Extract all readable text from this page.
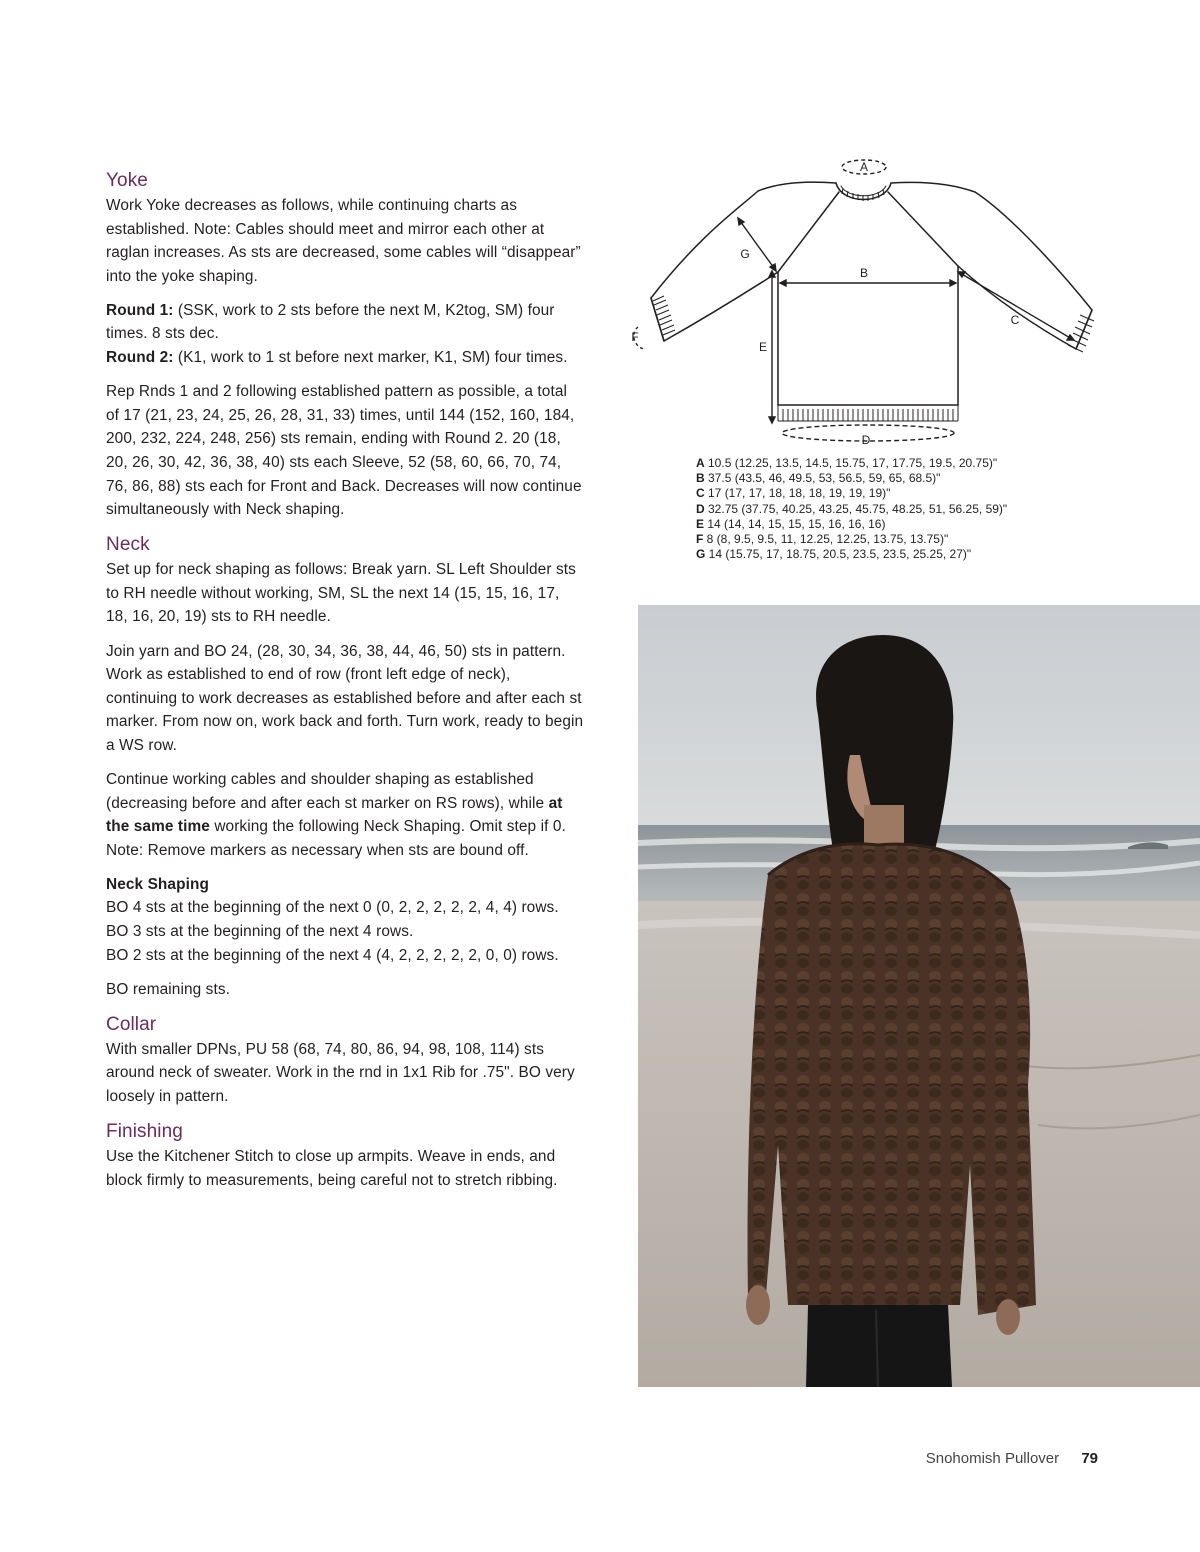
Yoke

Work Yoke decreases as follows, while continuing charts as established. Note: Cables should meet and mirror each other at raglan increases. As sts are decreased, some cables will “disappear” into the yoke shaping.

Round 1: (SSK, work to 2 sts before the next M, K2tog, SM) four times. 8 sts dec.
Round 2: (K1, work to 1 st before next marker, K1, SM) four times.

Rep Rnds 1 and 2 following established pattern as possible, a total of 17 (21, 23, 24, 25, 26, 28, 31, 33) times, until 144 (152, 160, 184, 200, 232, 224, 248, 256) sts remain, ending with Round 2. 20 (18, 20, 26, 30, 42, 36, 38, 40) sts each Sleeve, 52 (58, 60, 66, 70, 74, 76, 86, 88) sts each for Front and Back. Decreases will now continue simultaneously with Neck shaping.

Neck

Set up for neck shaping as follows: Break yarn. SL Left Shoulder sts to RH needle without working, SM, SL the next 14 (15, 15, 16, 17, 18, 16, 20, 19) sts to RH needle.

Join yarn and BO 24, (28, 30, 34, 36, 38, 44, 46, 50) sts in pattern. Work as established to end of row (front left edge of neck), continuing to work decreases as established before and after each st marker. From now on, work back and forth. Turn work, ready to begin a WS row.

Continue working cables and shoulder shaping as established (decreasing before and after each st marker on RS rows), while at the same time working the following Neck Shaping. Omit step if 0. Note: Remove markers as necessary when sts are bound off.

Neck Shaping

BO 4 sts at the beginning of the next 0 (0, 2, 2, 2, 2, 2, 4, 4) rows.
BO 3 sts at the beginning of the next 4 rows.
BO 2 sts at the beginning of the next 4 (4, 2, 2, 2, 2, 2, 0, 0) rows.

BO remaining sts.

Collar

With smaller DPNs, PU 58 (68, 74, 80, 86, 94, 98, 108, 114) sts around neck of sweater. Work in the rnd in 1x1 Rib for .75". BO very loosely in pattern.

Finishing

Use the Kitchener Stitch to close up armpits. Weave in ends, and block firmly to measurements, being careful not to stretch ribbing.

A
B
C
D
E
F
G
A 10.5 (12.25, 13.5, 14.5, 15.75, 17, 17.75, 19.5, 20.75)"
B 37.5 (43.5, 46, 49.5, 53, 56.5, 59, 65, 68.5)"
C 17 (17, 17, 18, 18, 18, 19, 19, 19)"
D 32.75 (37.75, 40.25, 43.25, 45.75, 48.25, 51, 56.25, 59)"
E 14 (14, 14, 15, 15, 15, 16, 16, 16)
F 8 (8, 9.5, 9.5, 11, 12.25, 12.25, 13.75, 13.75)"
G 14 (15.75, 17, 18.75, 20.5, 23.5, 23.5, 25.25, 27)"
Snohomish Pullover 79
